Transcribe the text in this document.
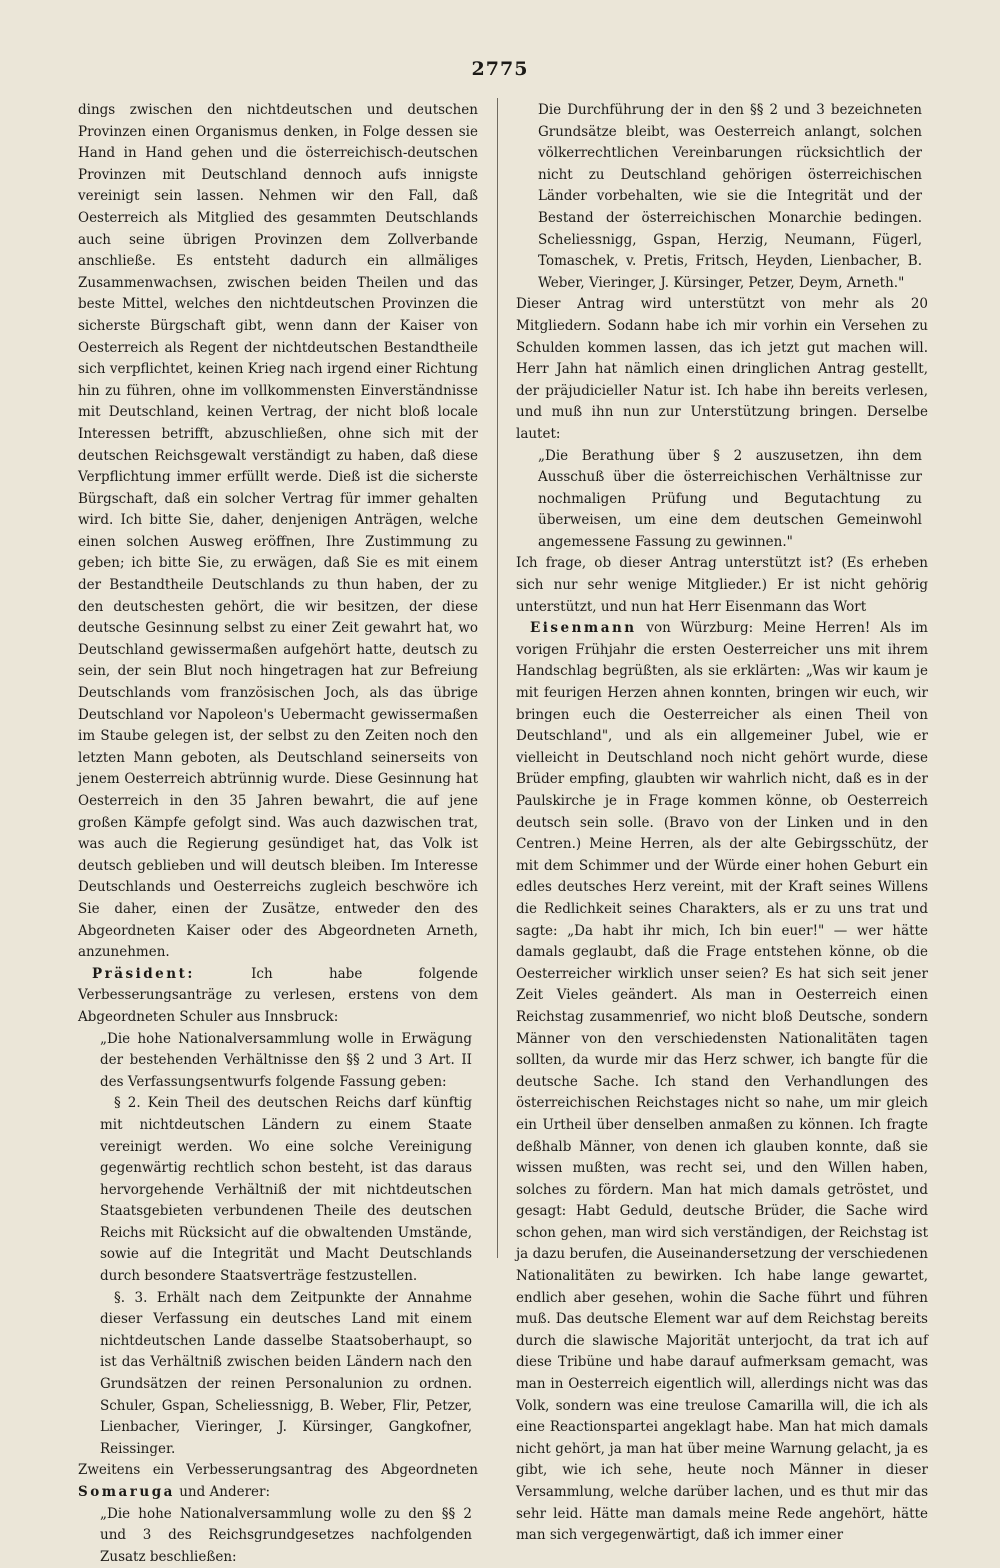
2775

dings zwischen den nichtdeutschen und deutschen Provinzen einen Organismus denken, in Folge dessen sie Hand in Hand gehen und die österreichisch-deutschen Provinzen mit Deutschland dennoch aufs innigste vereinigt sein lassen. Nehmen wir den Fall, daß Oesterreich als Mitglied des gesammten Deutschlands auch seine übrigen Provinzen dem Zollverbande anschließe. Es entsteht dadurch ein allmäliges Zusammenwachsen, zwischen beiden Theilen und das beste Mittel, welches den nichtdeutschen Provinzen die sicherste Bürgschaft gibt, wenn dann der Kaiser von Oesterreich als Regent der nichtdeutschen Bestandtheile sich verpflichtet, keinen Krieg nach irgend einer Richtung hin zu führen, ohne im vollkommensten Einverständnisse mit Deutschland, keinen Vertrag, der nicht bloß locale Interessen betrifft, abzuschließen, ohne sich mit der deutschen Reichsgewalt verständigt zu haben, daß diese Verpflichtung immer erfüllt werde. Dieß ist die sicherste Bürgschaft, daß ein solcher Vertrag für immer gehalten wird. Ich bitte Sie, daher, denjenigen Anträgen, welche einen solchen Ausweg eröffnen, Ihre Zustimmung zu geben; ich bitte Sie, zu erwägen, daß Sie es mit einem der Bestandtheile Deutschlands zu thun haben, der zu den deutschesten gehört, die wir besitzen, der diese deutsche Gesinnung selbst zu einer Zeit gewahrt hat, wo Deutschland gewissermaßen aufgehört hatte, deutsch zu sein, der sein Blut noch hingetragen hat zur Befreiung Deutschlands vom französischen Joch, als das übrige Deutschland vor Napoleon's Uebermacht gewissermaßen im Staube gelegen ist, der selbst zu den Zeiten noch den letzten Mann geboten, als Deutschland seinerseits von jenem Oesterreich abtrünnig wurde. Diese Gesinnung hat Oesterreich in den 35 Jahren bewahrt, die auf jene großen Kämpfe gefolgt sind. Was auch dazwischen trat, was auch die Regierung gesündiget hat, das Volk ist deutsch geblieben und will deutsch bleiben. Im Interesse Deutschlands und Oesterreichs zugleich beschwöre ich Sie daher, einen der Zusätze, entweder den des Abgeordneten Kaiser oder des Abgeordneten Arneth, anzunehmen.

Präsident: Ich habe folgende Verbesserungsanträge zu verlesen, erstens von dem Abgeordneten Schuler aus Innsbruck:

„Die hohe Nationalversammlung wolle in Erwägung der bestehenden Verhältnisse den §§ 2 und 3 Art. II des Verfassungsentwurfs folgende Fassung geben:

§ 2. Kein Theil des deutschen Reichs darf künftig mit nichtdeutschen Ländern zu einem Staate vereinigt werden. Wo eine solche Vereinigung gegenwärtig rechtlich schon besteht, ist das daraus hervorgehende Verhältniß der mit nichtdeutschen Staatsgebieten verbundenen Theile des deutschen Reichs mit Rücksicht auf die obwaltenden Umstände, sowie auf die Integrität und Macht Deutschlands durch besondere Staatsverträge festzustellen.

§. 3. Erhält nach dem Zeitpunkte der Annahme dieser Verfassung ein deutsches Land mit einem nichtdeutschen Lande dasselbe Staatsoberhaupt, so ist das Verhältniß zwischen beiden Ländern nach den Grundsätzen der reinen Personalunion zu ordnen. Schuler, Gspan, Scheliessnigg, B. Weber, Flir, Petzer, Lienbacher, Vieringer, J. Kürsinger, Gangkofner, Reissinger.

Zweitens ein Verbesserungsantrag des Abgeordneten Somaruga und Anderer:

„Die hohe Nationalversammlung wolle zu den §§ 2 und 3 des Reichsgrundgesetzes nachfolgenden Zusatz beschließen:

Die Durchführung der in den §§ 2 und 3 bezeichneten Grundsätze bleibt, was Oesterreich anlangt, solchen völkerrechtlichen Vereinbarungen rücksichtlich der nicht zu Deutschland gehörigen österreichischen Länder vorbehalten, wie sie die Integrität und der Bestand der österreichischen Monarchie bedingen. Scheliessnigg, Gspan, Herzig, Neumann, Fügerl, Tomaschek, v. Pretis, Fritsch, Heyden, Lienbacher, B. Weber, Vieringer, J. Kürsinger, Petzer, Deym, Arneth."

Dieser Antrag wird unterstützt von mehr als 20 Mitgliedern. Sodann habe ich mir vorhin ein Versehen zu Schulden kommen lassen, das ich jetzt gut machen will. Herr Jahn hat nämlich einen dringlichen Antrag gestellt, der präjudicieller Natur ist. Ich habe ihn bereits verlesen, und muß ihn nun zur Unterstützung bringen. Derselbe lautet:

„Die Berathung über § 2 auszusetzen, ihn dem Ausschuß über die österreichischen Verhältnisse zur nochmaligen Prüfung und Begutachtung zu überweisen, um eine dem deutschen Gemeinwohl angemessene Fassung zu gewinnen."

Ich frage, ob dieser Antrag unterstützt ist? (Es erheben sich nur sehr wenige Mitglieder.) Er ist nicht gehörig unterstützt, und nun hat Herr Eisenmann das Wort

Eisenmann von Würzburg: Meine Herren! Als im vorigen Frühjahr die ersten Oesterreicher uns mit ihrem Handschlag begrüßten, als sie erklärten: „Was wir kaum je mit feurigen Herzen ahnen konnten, bringen wir euch, wir bringen euch die Oesterreicher als einen Theil von Deutschland", und als ein allgemeiner Jubel, wie er vielleicht in Deutschland noch nicht gehört wurde, diese Brüder empfing, glaubten wir wahrlich nicht, daß es in der Paulskirche je in Frage kommen könne, ob Oesterreich deutsch sein solle. (Bravo von der Linken und in den Centren.) Meine Herren, als der alte Gebirgsschütz, der mit dem Schimmer und der Würde einer hohen Geburt ein edles deutsches Herz vereint, mit der Kraft seines Willens die Redlichkeit seines Charakters, als er zu uns trat und sagte: „Da habt ihr mich, Ich bin euer!" — wer hätte damals geglaubt, daß die Frage entstehen könne, ob die Oesterreicher wirklich unser seien? Es hat sich seit jener Zeit Vieles geändert. Als man in Oesterreich einen Reichstag zusammenrief, wo nicht bloß Deutsche, sondern Männer von den verschiedensten Nationalitäten tagen sollten, da wurde mir das Herz schwer, ich bangte für die deutsche Sache. Ich stand den Verhandlungen des österreichischen Reichstages nicht so nahe, um mir gleich ein Urtheil über denselben anmaßen zu können. Ich fragte deßhalb Männer, von denen ich glauben konnte, daß sie wissen mußten, was recht sei, und den Willen haben, solches zu fördern. Man hat mich damals getröstet, und gesagt: Habt Geduld, deutsche Brüder, die Sache wird schon gehen, man wird sich verständigen, der Reichstag ist ja dazu berufen, die Auseinandersetzung der verschiedenen Nationalitäten zu bewirken. Ich habe lange gewartet, endlich aber gesehen, wohin die Sache führt und führen muß. Das deutsche Element war auf dem Reichstag bereits durch die slawische Majorität unterjocht, da trat ich auf diese Tribüne und habe darauf aufmerksam gemacht, was man in Oesterreich eigentlich will, allerdings nicht was das Volk, sondern was eine treulose Camarilla will, die ich als eine Reactionspartei angeklagt habe. Man hat mich damals nicht gehört, ja man hat über meine Warnung gelacht, ja es gibt, wie ich sehe, heute noch Männer in dieser Versammlung, welche darüber lachen, und es thut mir das sehr leid. Hätte man damals meine Rede angehört, hätte man sich vergegenwärtigt, daß ich immer einer
